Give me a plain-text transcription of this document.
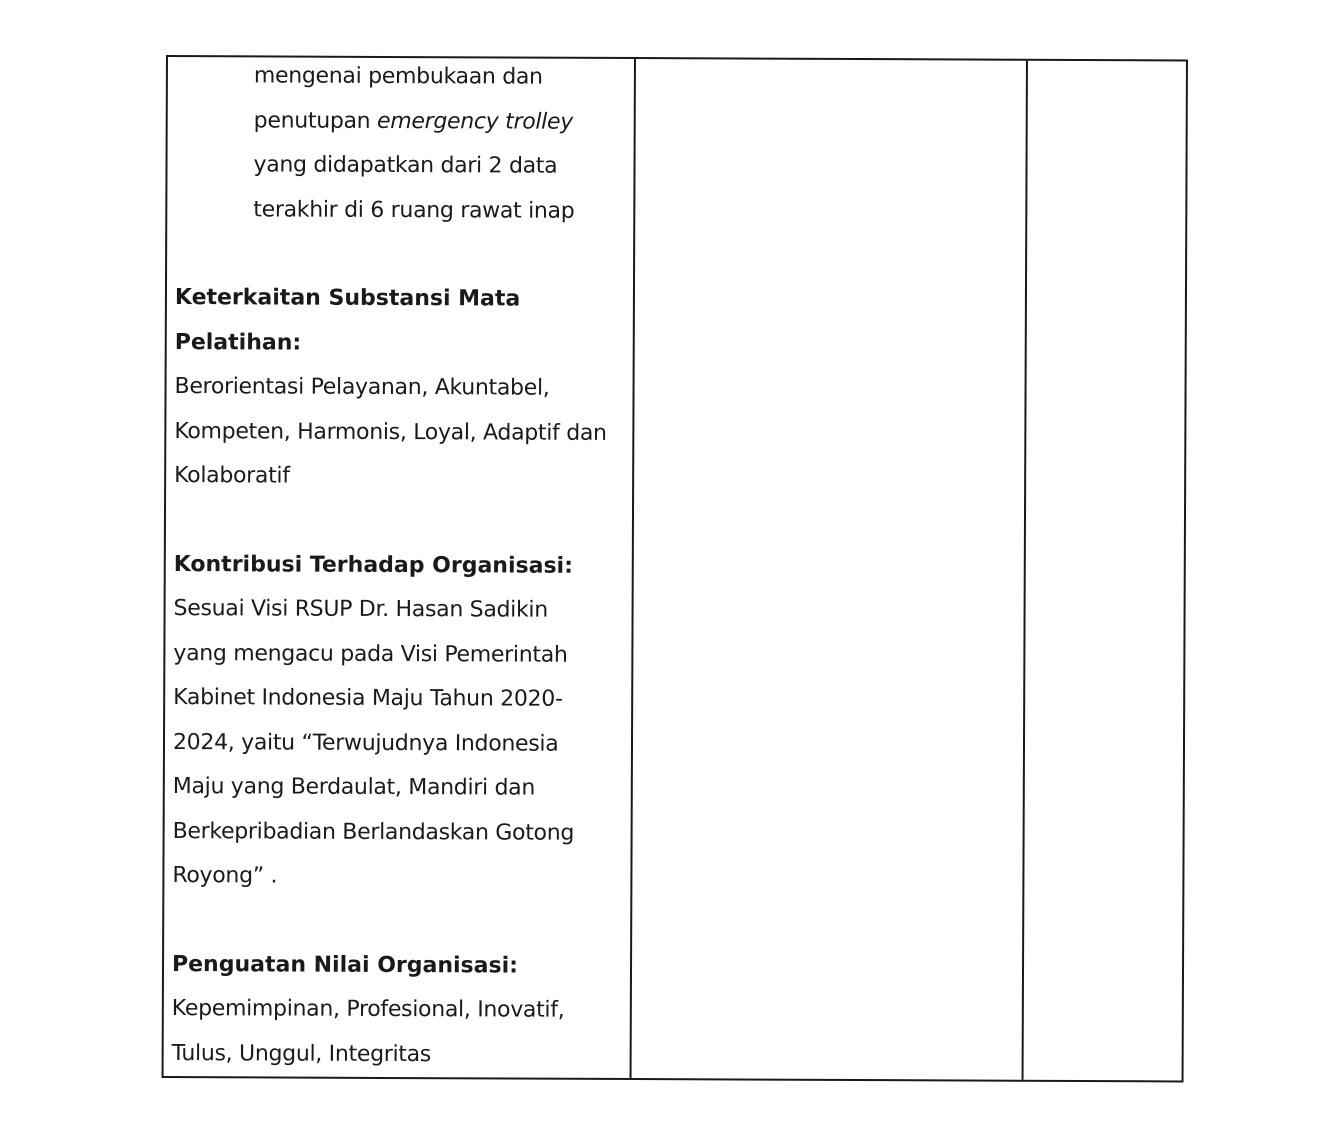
mengenai pembukaan dan
penutupan emergency trolley
yang didapatkan dari 2 data
terakhir di 6 ruang rawat inap
Keterkaitan Substansi Mata
Pelatihan:
Berorientasi Pelayanan, Akuntabel,
Kompeten, Harmonis, Loyal, Adaptif dan
Kolaboratif
Kontribusi Terhadap Organisasi:
Sesuai Visi RSUP Dr. Hasan Sadikin
yang mengacu pada Visi Pemerintah
Kabinet Indonesia Maju Tahun 2020-
2024, yaitu “Terwujudnya Indonesia
Maju yang Berdaulat, Mandiri dan
Berkepribadian Berlandaskan Gotong
Royong” .
Penguatan Nilai Organisasi:
Kepemimpinan, Profesional, Inovatif,
Tulus, Unggul, Integritas
